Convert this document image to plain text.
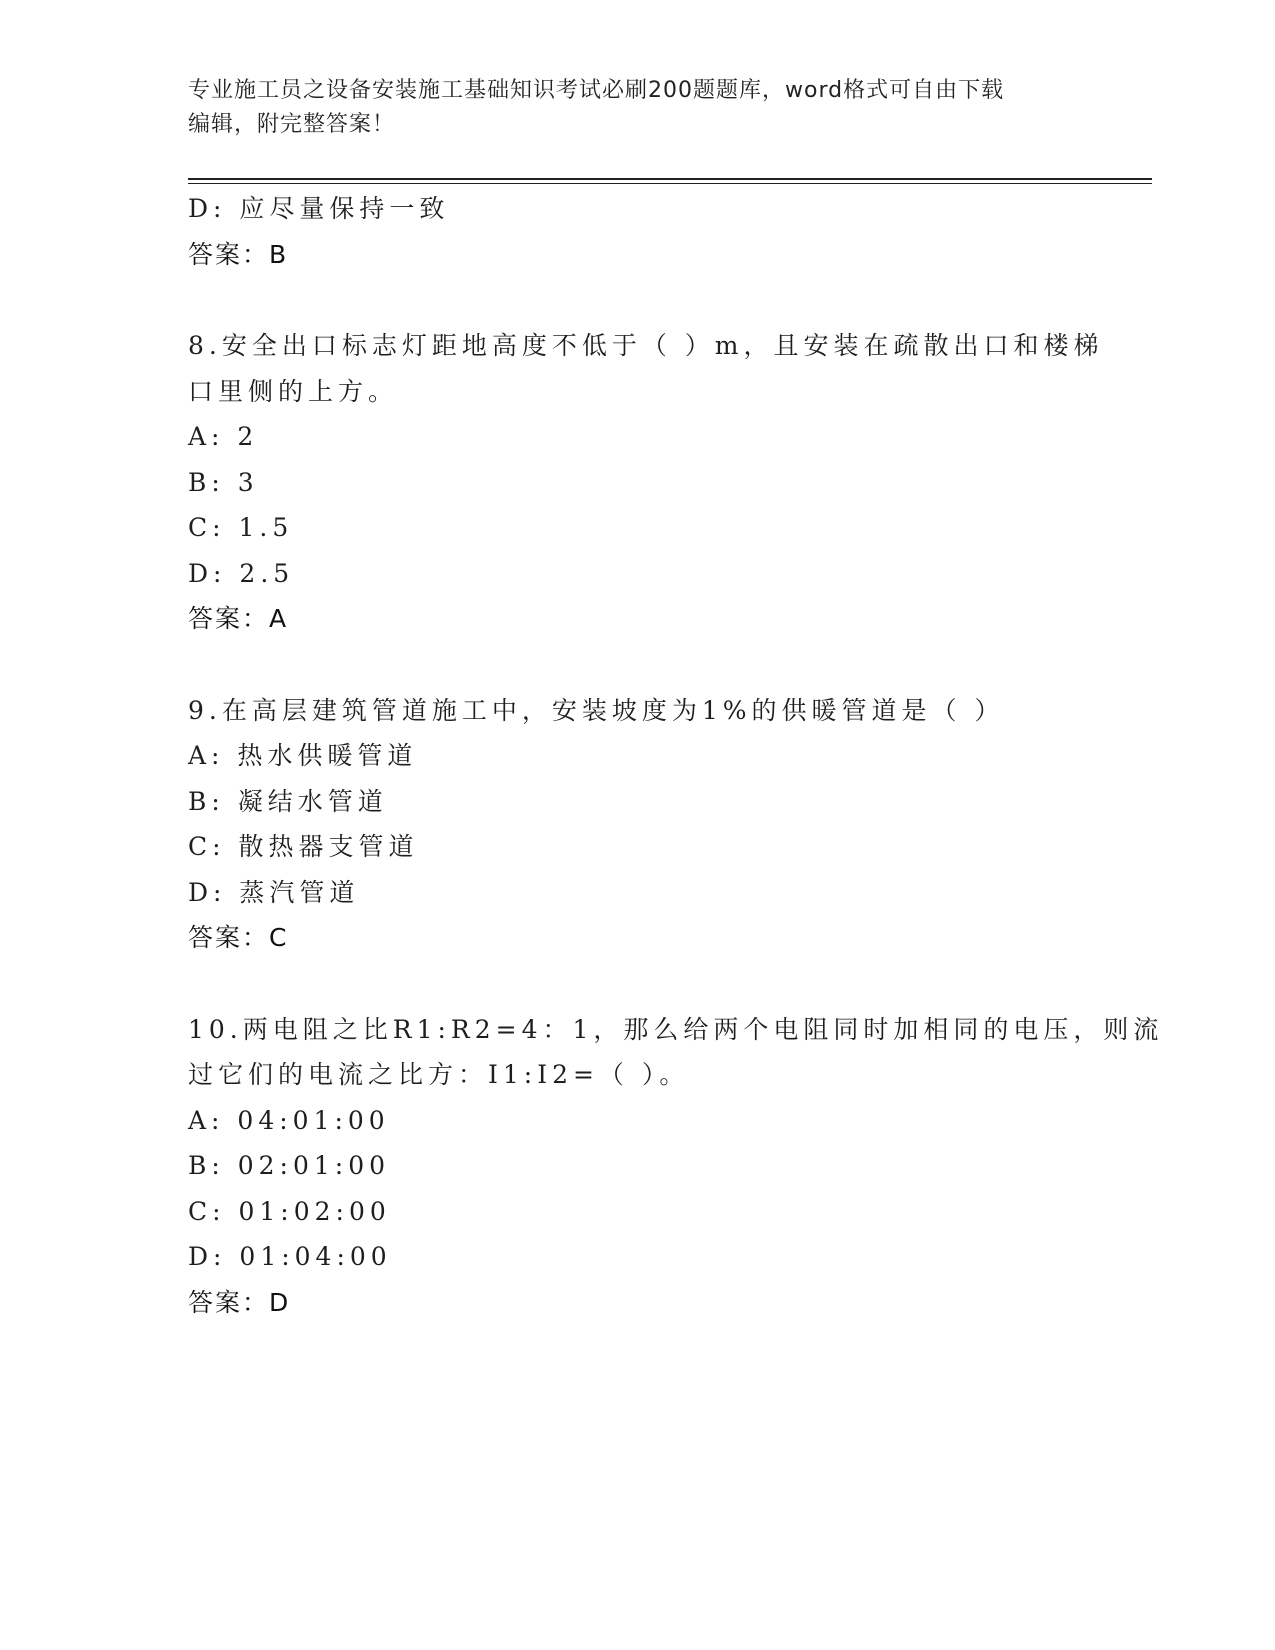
专业施工员之设备安装施工基础知识考试必刷200题题库，word格式可自由下载
编辑，附完整答案！
D: 应尽量保持一致
答案：B
8.安全出口标志灯距地高度不低于（ ）m，且安装在疏散出口和楼梯
口里侧的上方。
A: 2
B: 3
C: 1.5
D: 2.5
答案：A
9.在高层建筑管道施工中，安装坡度为1%的供暖管道是（ ）
A: 热水供暖管道
B: 凝结水管道
C: 散热器支管道
D: 蒸汽管道
答案：C
10.两电阻之比R1:R2=4：1，那么给两个电阻同时加相同的电压，则流
过它们的电流之比方：I1:I2=（ ）。
A: 04:01:00
B: 02:01:00
C: 01:02:00
D: 01:04:00
答案：D
